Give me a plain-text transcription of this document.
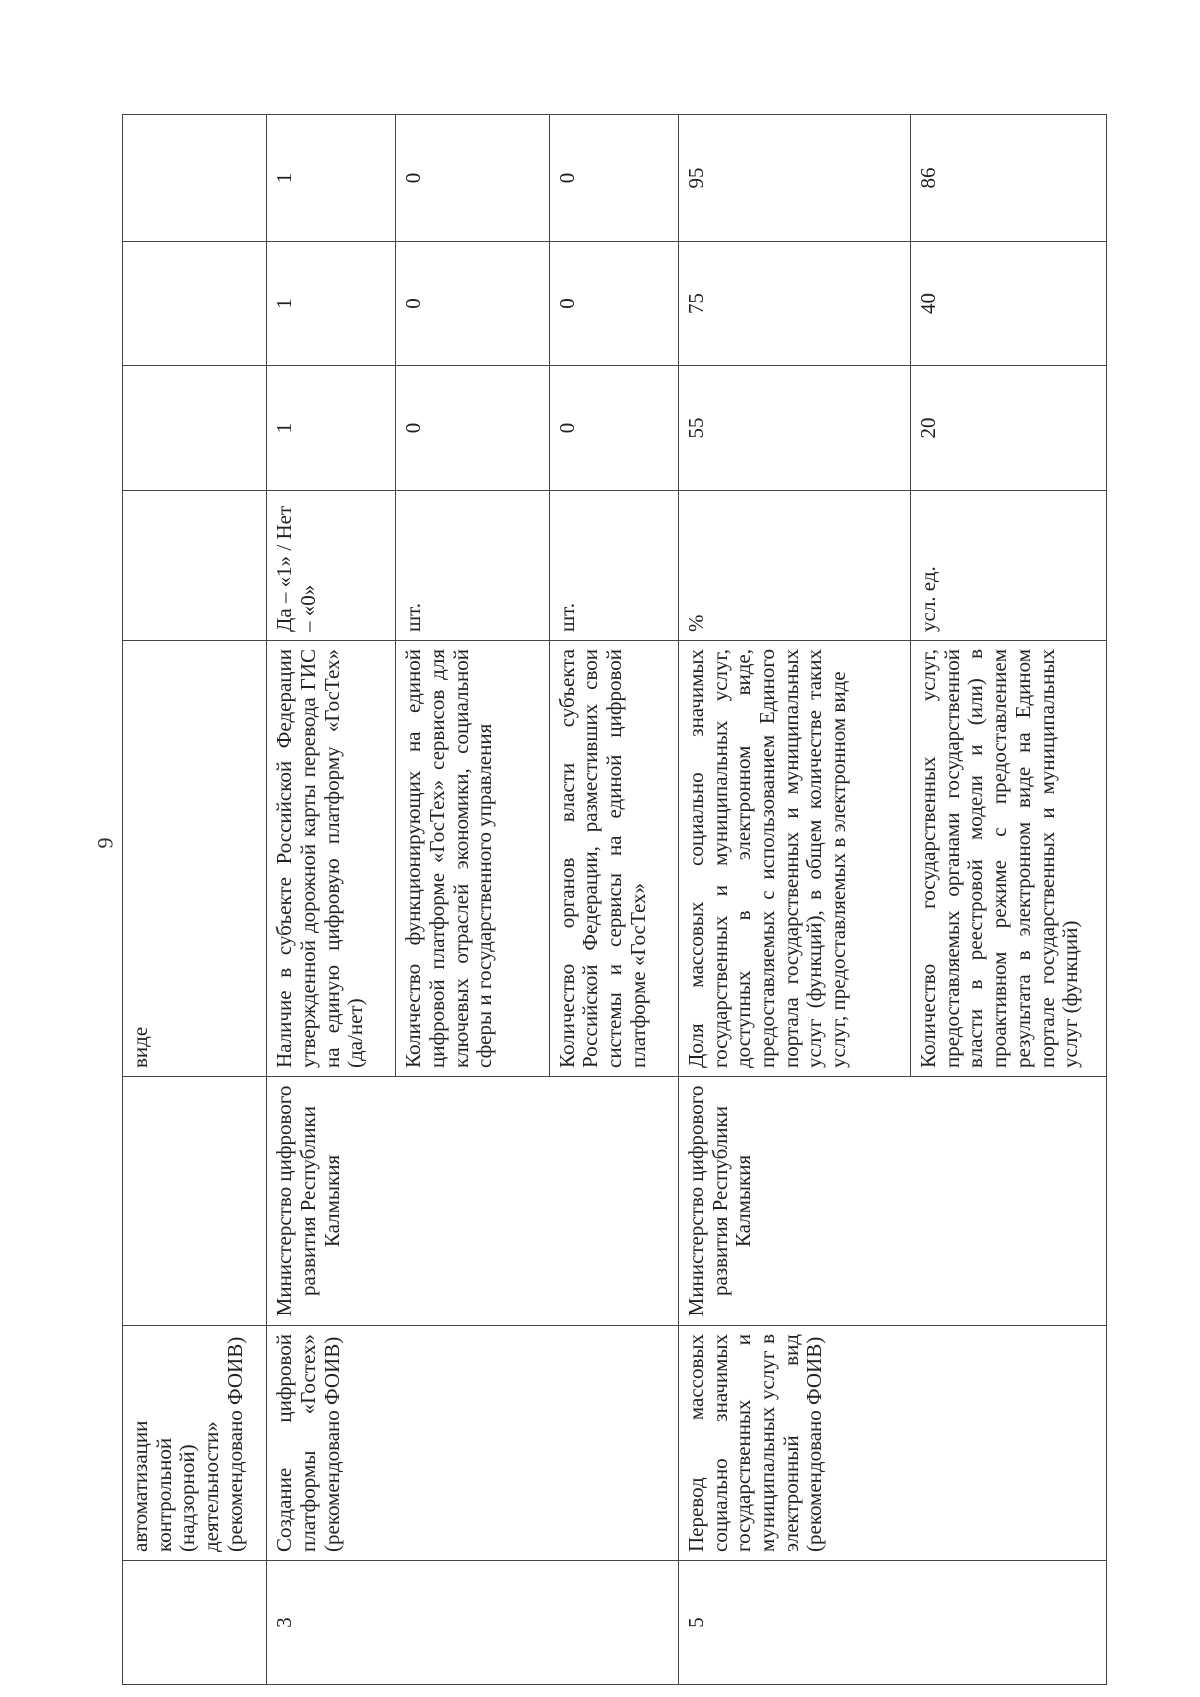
9
	автоматизации контрольной (надзорной) деятельности» (рекомендовано ФОИВ)		виде				
3	Создание цифровой платформы «Гостех» (рекомендовано ФОИВ)	Министерство цифрового развития Республики Калмыкия	Наличие в субъекте Российской Федерации утвержденной дорожной карты перевода ГИС на единую цифровую платформу «ГосТех» (да/нет)	Да – «1» / Нет – «0»	1	1	1
			Количество функционирующих на единой цифровой платформе «ГосТех» сервисов для ключевых отраслей экономики, социальной сферы и государственного управления	шт.	0	0	0
			Количество органов власти субъекта Российской Федерации, разместивших свои системы и сервисы на единой цифровой платформе «ГосТех»	шт.	0	0	0
5	Перевод массовых социально значимых государственных и муниципальных услуг в электронный вид (рекомендовано ФОИВ)	Министерство цифрового развития Республики Калмыкия	Доля массовых социально значимых государственных и муниципальных услуг, доступных в электронном виде, предоставляемых с использованием Единого портала государственных и муниципальных услуг (функций), в общем количестве таких услуг, предоставляемых в электронном виде	%	55	75	95
			Количество государственных услуг, предоставляемых органами государственной власти в реестровой модели и (или) в проактивном режиме с предоставлением результата в электронном виде на Едином портале государственных и муниципальных услуг (функций)	усл. ед.	20	40	86
